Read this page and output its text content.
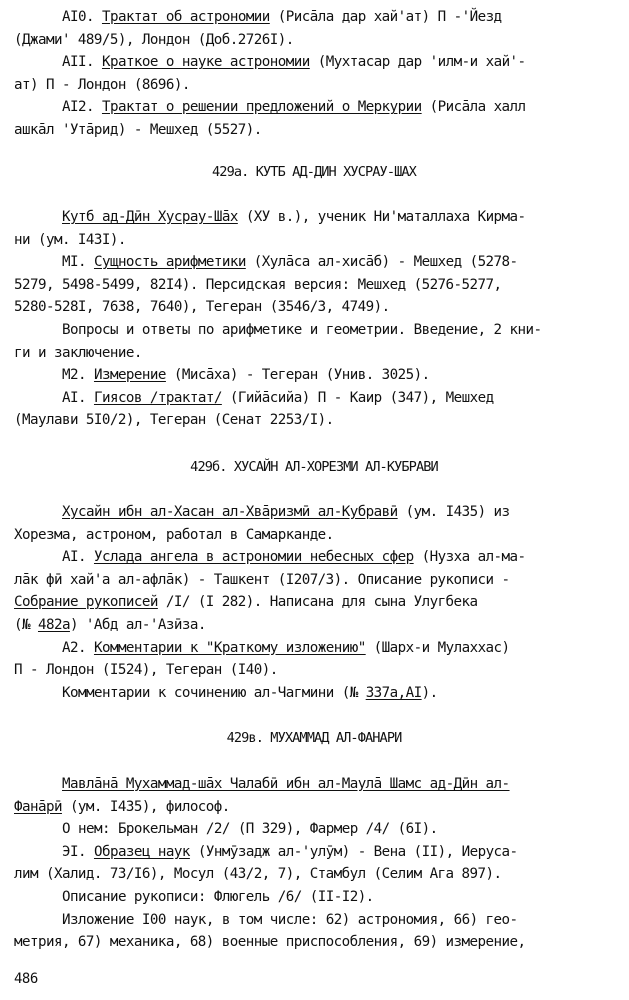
AI0. Трактат об астрономии (Рисāла дар хай'ат) П -'Йезд
(Джами' 489/5), Лондон (Доб.2726I).
AII. Краткое о науке астрономии (Мухтасар дар 'илм-и хай'-
ат) П - Лондон (8696).
AI2. Трактат о решении предложений о Меркурии (Рисāла халл
ашкāл 'Утāрид) - Мешхед (5527).
429а. КУТБ АД-ДИН ХУСРАУ-ШАХ
Кутб ад-Дӣн Хусрау-Шāх (ХУ в.), ученик Ни'маталлаха Кирма-
ни (ум. I43I).
МI. Сущность арифметики (Хулāса ал-хисāб) - Мешхед (5278-
5279, 5498-5499, 82I4). Персидская версия: Мешхед (5276-5277,
5280-528I, 7638, 7640), Тегеран (3546/3, 4749).
Вопросы и ответы по арифметике и геометрии. Введение, 2 кни-
ги и заключение.
М2. Измерение (Мисāха) - Тегеран (Унив. 3025).
AI. Гиясов /трактат/ (Гийāсийа) П - Каир (347), Мешхед
(Маулави 5I0/2), Тегеран (Сенат 2253/I).
429б. ХУСАЙН АЛ-ХОРЕЗМИ АЛ-КУБРАВИ
Хусайн ибн ал-Хасан ал-Хвāризмӣ ал-Кубравӣ (ум. I435) из
Хорезма, астроном, работал в Самарканде.
AI. Услада ангела в астрономии небесных сфер (Нузха ал-ма-
лāк фӣ хай'а ал-афлāк) - Ташкент (I207/3). Описание рукописи -
Собрание рукописей /I/ (I 282). Написана для сына Улугбека
(№ 482а) 'Абд ал-'Азӣза.
A2. Комментарии к "Краткому изложению" (Шарх-и Мулаххас)
П - Лондон (I524), Тегеран (I40).
Комментарии к сочинению ал-Чагмини (№ 337а,AI).
429в. МУХАММАД АЛ-ФАНАРИ
Мавлāнā Мухаммад-шāх Чалабӣ ибн ал-Маулā Шамс ад-Дӣн ал-
Фанāрӣ (ум. I435), философ.
О нем: Брокельман /2/ (П 329), Фармер /4/ (6I).
ЭI. Образец наук (Унмӯзадж ал-'улӯм) - Вена (II), Иеруса-
лим (Халид. 73/I6), Мосул (43/2, 7), Стамбул (Селим Ага 897).
Описание рукописи: Флюгель /6/ (II-I2).
Изложение I00 наук, в том числе: 62) астрономия, 66) гео-
метрия, 67) механика, 68) военные приспособления, 69) измерение,
486
